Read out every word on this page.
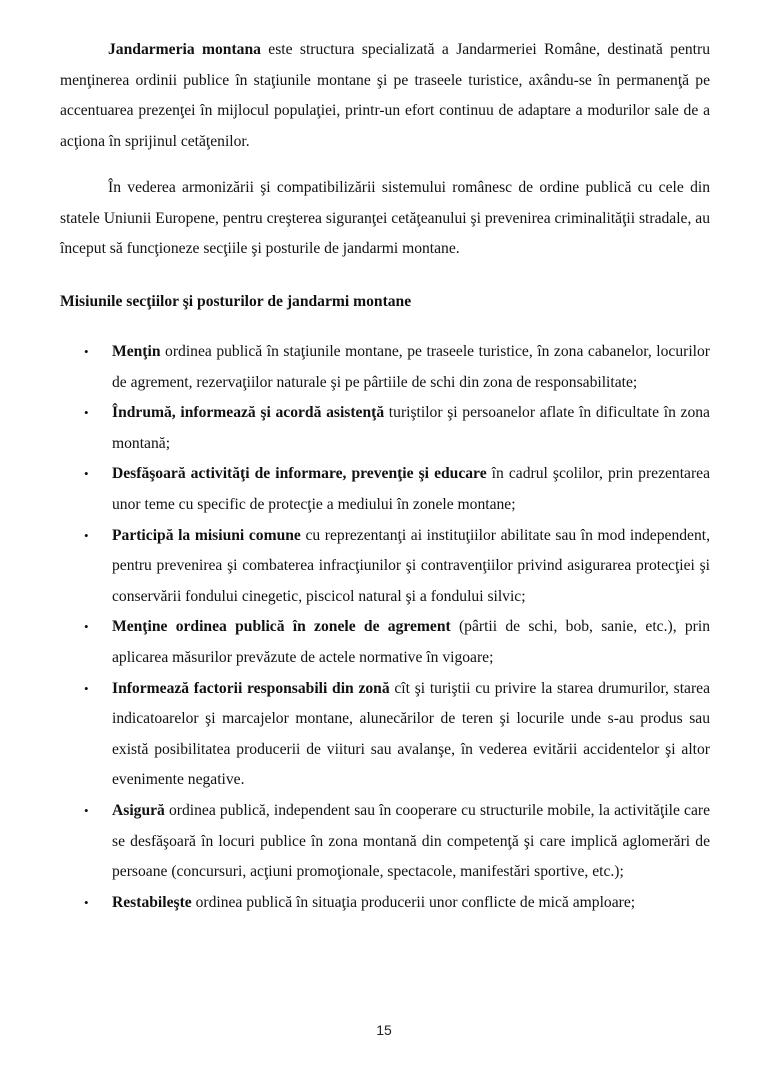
Jandarmeria montana este structura specializată a Jandarmeriei Române, destinată pentru menţinerea ordinii publice în staţiunile montane şi pe traseele turistice, axându-se în permanenţă pe accentuarea prezenţei în mijlocul populaţiei, printr-un efort continuu de adaptare a modurilor sale de a acţiona în sprijinul cetăţenilor.

În vederea armonizării şi compatibilizării sistemului românesc de ordine publică cu cele din statele Uniunii Europene, pentru creşterea siguranţei cetăţeanului şi prevenirea criminalităţii stradale, au început să funcţioneze secţiile şi posturile de jandarmi montane.

Misiunile secţiilor şi posturilor de jandarmi montane

• Menţin ordinea publică în staţiunile montane, pe traseele turistice, în zona cabanelor, locurilor de agrement, rezervaţiilor naturale şi pe pârtiile de schi din zona de responsabilitate;
• Îndrumă, informează şi acordă asistenţă turiştilor şi persoanelor aflate în dificultate în zona montană;
• Desfăşoară activităţi de informare, prevenţie şi educare în cadrul şcolilor, prin prezentarea unor teme cu specific de protecţie a mediului în zonele montane;
• Participă la misiuni comune cu reprezentanţi ai instituţiilor abilitate sau în mod independent, pentru prevenirea şi combaterea infracţiunilor şi contravenţiilor privind asigurarea protecţiei şi conservării fondului cinegetic, piscicol natural şi a fondului silvic;
• Menţine ordinea publică în zonele de agrement (pârtii de schi, bob, sanie, etc.), prin aplicarea măsurilor prevăzute de actele normative în vigoare;
• Informează factorii responsabili din zonă cît şi turiştii cu privire la starea drumurilor, starea indicatoarelor şi marcajelor montane, alunecărilor de teren şi locurile unde s-au produs sau există posibilitatea producerii de viituri sau avalanşe, în vederea evitării accidentelor şi altor evenimente negative.
• Asigură ordinea publică, independent sau în cooperare cu structurile mobile, la activităţile care se desfăşoară în locuri publice în zona montană din competenţă şi care implică aglomerări de persoane (concursuri, acţiuni promoţionale, spectacole, manifestări sportive, etc.);
• Restabileşte ordinea publică în situaţia producerii unor conflicte de mică amploare;
15
